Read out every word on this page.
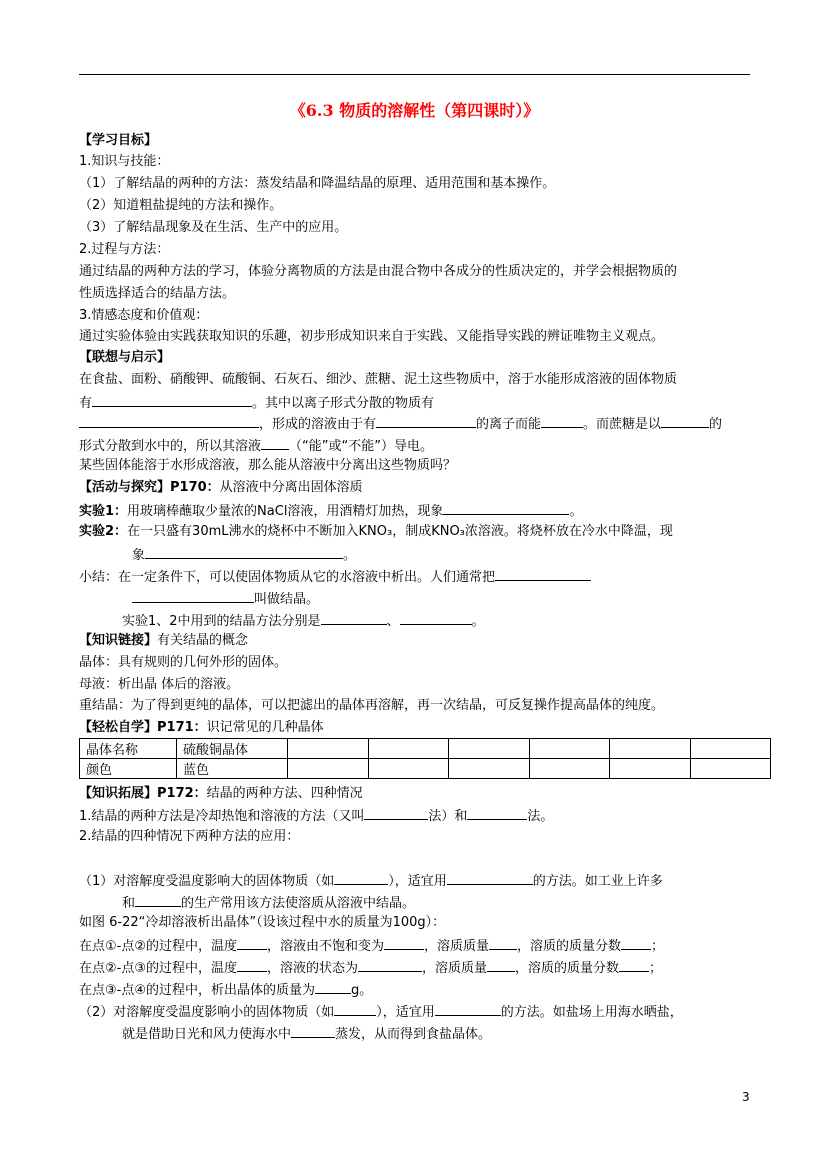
《6.3 物质的溶解性（第四课时）》
【学习目标】
1.知识与技能：
（1）了解结晶的两种的方法：蒸发结晶和降温结晶的原理、适用范围和基本操作。
（2）知道粗盐提纯的方法和操作。
（3）了解结晶现象及在生活、生产中的应用。
2.过程与方法：
通过结晶的两种方法的学习，体验分离物质的方法是由混合物中各成分的性质决定的，并学会根据物质的
性质选择适合的结晶方法。
3.情感态度和价值观：
通过实验体验由实践获取知识的乐趣，初步形成知识来自于实践、又能指导实践的辨证唯物主义观点。
【联想与启示】
在食盐、面粉、硝酸钾、硫酸铜、石灰石、细沙、蔗糖、泥土这些物质中，溶于水能形成溶液的固体物质
有	。其中以离子形式分散的物质有
，形成的溶液由于有	的离子而能	。而蔗糖是以	的
形式分散到水中的，所以其溶液 （“能”或“不能”）导电。
某些固体能溶于水形成溶液，那么能从溶液中分离出这些物质吗？
【活动与探究】P170：从溶液中分离出固体溶质
实验1：用玻璃棒蘸取少量浓的NaCl溶液，用酒精灯加热，现象	。
实验2：在一只盛有30mL沸水的烧杯中不断加入KNO₃，制成KNO₃浓溶液。将烧杯放在冷水中降温，现
象	。
小结：在一定条件下，可以使固体物质从它的水溶液中析出。人们通常把
叫做结晶。
实验1、2中用到的结晶方法分别是	、	。
【知识链接】有关结晶的概念
晶体：具有规则的几何外形的固体。
母液：析出晶 体后的溶液。
重结晶：为了得到更纯的晶体，可以把滤出的晶体再溶解，再一次结晶，可反复操作提高晶体的纯度。
【轻松自学】P171：识记常见的几种晶体
晶体名称	硫酸铜晶体						
颜色	蓝色						
【知识拓展】P172：结晶的两种方法、四种情况
1.结晶的两种方法是冷却热饱和溶液的方法（又叫	法）和	法。
2.结晶的四种情况下两种方法的应用：
（1）对溶解度受温度影响大的固体物质（如	），适宜用	的方法。如工业上许多
和	的生产常用该方法使溶质从溶液中结晶。
如图 6-22“冷却溶液析出晶体”（设该过程中水的质量为100g）：
在点①-点②的过程中，温度 ，溶液由不饱和变为	，溶质质量 ，溶质的质量分数 ；
在点②-点③的过程中，温度 ，溶液的状态为	，溶质质量 ，溶质的质量分数 ；
在点③-点④的过程中，析出晶体的质量为	g。
（2）对溶解度受温度影响小的固体物质（如	），适宜用	的方法。如盐场上用海水晒盐，
就是借助日光和风力使海水中	蒸发，从而得到食盐晶体。
3
